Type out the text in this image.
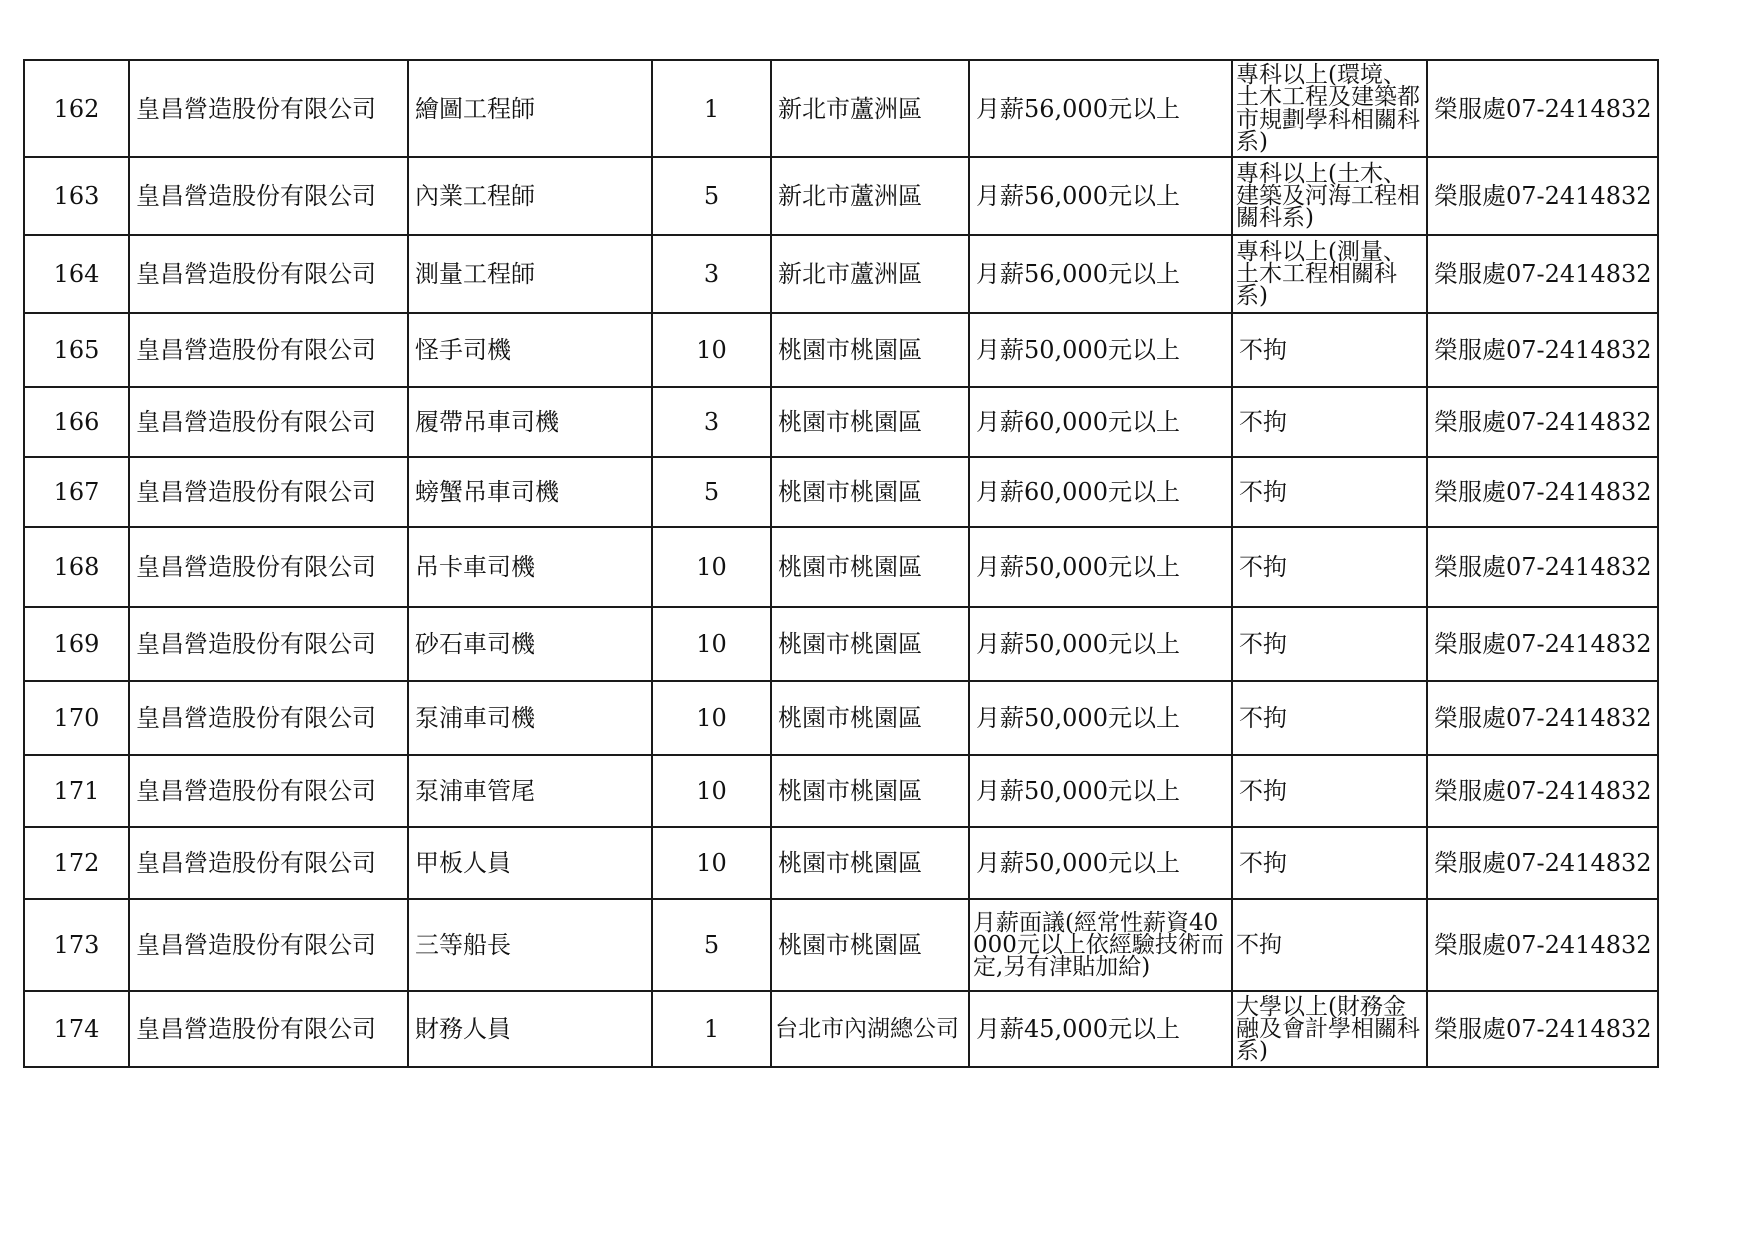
162	皇昌營造股份有限公司	繪圖工程師	1	新北市蘆洲區	月薪56,000元以上	專科以上(環境、土木工程及建築都市規劃學科相關科系)	榮服處07-2414832
163	皇昌營造股份有限公司	內業工程師	5	新北市蘆洲區	月薪56,000元以上	專科以上(土木、建築及河海工程相關科系)	榮服處07-2414832
164	皇昌營造股份有限公司	測量工程師	3	新北市蘆洲區	月薪56,000元以上	專科以上(測量、土木工程相關科系)	榮服處07-2414832
165	皇昌營造股份有限公司	怪手司機	10	桃園市桃園區	月薪50,000元以上	不拘	榮服處07-2414832
166	皇昌營造股份有限公司	履帶吊車司機	3	桃園市桃園區	月薪60,000元以上	不拘	榮服處07-2414832
167	皇昌營造股份有限公司	螃蟹吊車司機	5	桃園市桃園區	月薪60,000元以上	不拘	榮服處07-2414832
168	皇昌營造股份有限公司	吊卡車司機	10	桃園市桃園區	月薪50,000元以上	不拘	榮服處07-2414832
169	皇昌營造股份有限公司	砂石車司機	10	桃園市桃園區	月薪50,000元以上	不拘	榮服處07-2414832
170	皇昌營造股份有限公司	泵浦車司機	10	桃園市桃園區	月薪50,000元以上	不拘	榮服處07-2414832
171	皇昌營造股份有限公司	泵浦車管尾	10	桃園市桃園區	月薪50,000元以上	不拘	榮服處07-2414832
172	皇昌營造股份有限公司	甲板人員	10	桃園市桃園區	月薪50,000元以上	不拘	榮服處07-2414832
173	皇昌營造股份有限公司	三等船長	5	桃園市桃園區	月薪面議(經常性薪資40000元以上依經驗技術而定,另有津貼加給)	不拘	榮服處07-2414832
174	皇昌營造股份有限公司	財務人員	1	台北市內湖總公司	月薪45,000元以上	大學以上(財務金融及會計學相關科系)	榮服處07-2414832
